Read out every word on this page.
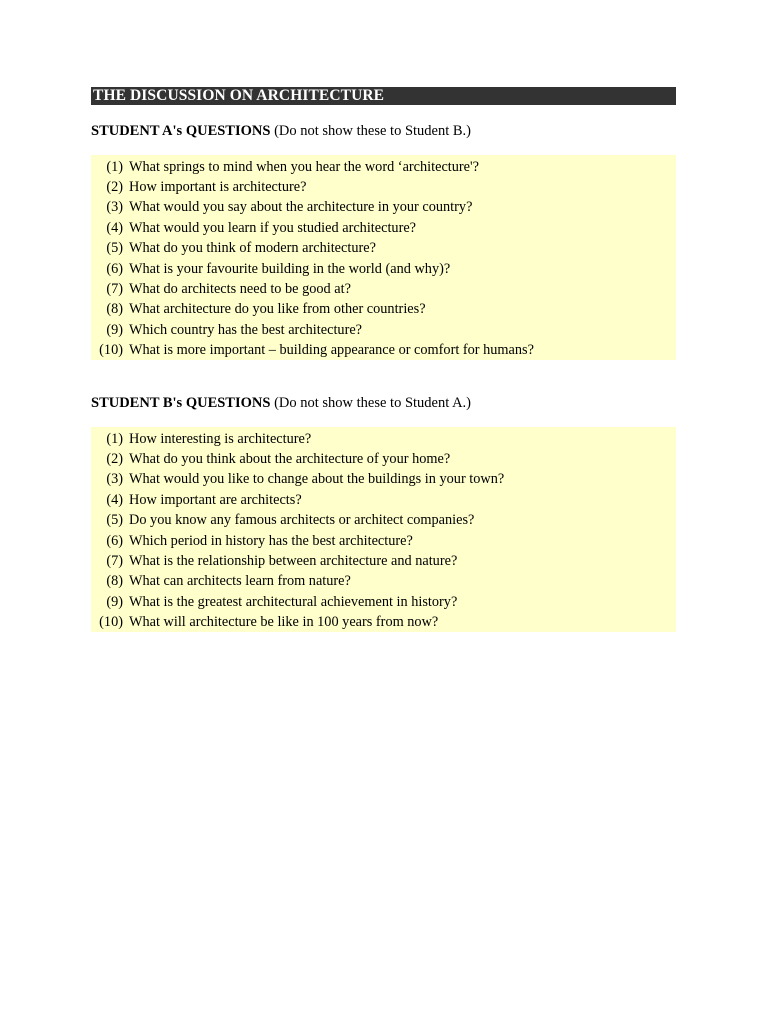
THE DISCUSSION ON ARCHITECTURE
STUDENT A's QUESTIONS (Do not show these to Student B.)
(1) What springs to mind when you hear the word ‘architecture'?
(2) How important is architecture?
(3) What would you say about the architecture in your country?
(4) What would you learn if you studied architecture?
(5) What do you think of modern architecture?
(6) What is your favourite building in the world (and why)?
(7) What do architects need to be good at?
(8) What architecture do you like from other countries?
(9) Which country has the best architecture?
(10) What is more important – building appearance or comfort for humans?
STUDENT B's QUESTIONS (Do not show these to Student A.)
(1) How interesting is architecture?
(2) What do you think about the architecture of your home?
(3) What would you like to change about the buildings in your town?
(4) How important are architects?
(5) Do you know any famous architects or architect companies?
(6) Which period in history has the best architecture?
(7) What is the relationship between architecture and nature?
(8) What can architects learn from nature?
(9) What is the greatest architectural achievement in history?
(10) What will architecture be like in 100 years from now?
